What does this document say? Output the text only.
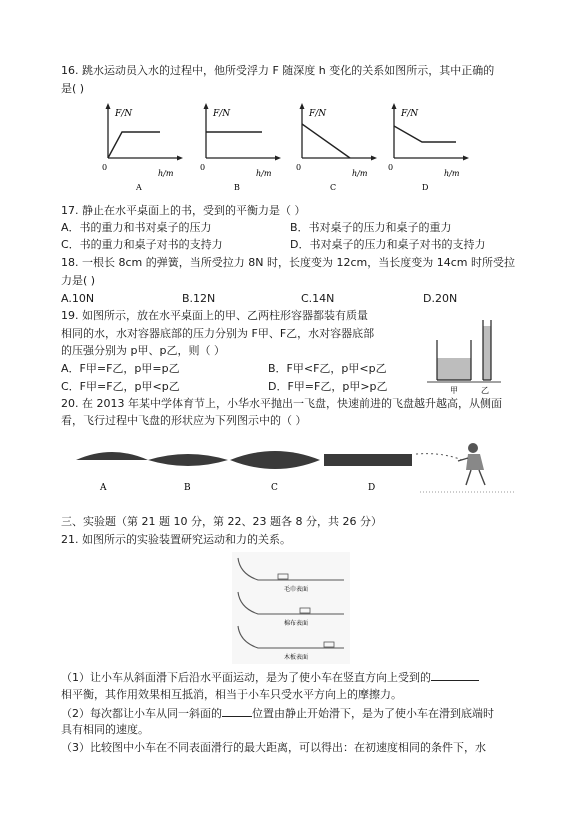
16. 跳水运动员入水的过程中，他所受浮力 F 随深度 h 变化的关系如图所示，其中正确的
是( )
F/N
0
h/m
A
F/N
0
h/m
B
F/N
0
h/m
C
F/N
0
h/m
D
17. 静止在水平桌面上的书，受到的平衡力是（ ）
A．书的重力和书对桌子的压力	B．书对桌子的压力和桌子的重力
C．书的重力和桌子对书的支持力	D．书对桌子的压力和桌子对书的支持力
18. 一根长 8cm 的弹簧，当所受拉力 8N 时，长度变为 12cm，当长度变为 14cm 时所受拉
力是( )
A.10N	B.12N	C.14N	D.20N
19. 如图所示，放在水平桌面上的甲、乙两柱形容器都装有质量
相同的水，水对容器底部的压力分别为 F甲、F乙，水对容器底部
的压强分别为 p甲、p乙，则（ ）
A．F甲=F乙，p甲=p乙	B．F甲<F乙，p甲<p乙
C．F甲=F乙，p甲<p乙	D．F甲=F乙，p甲>p乙	甲	乙
20. 在 2013 年某中学体育节上，小华水平抛出一飞盘，快速前进的飞盘越升越高，从侧面
看，飞行过程中飞盘的形状应为下列图示中的（ ）
A	B	C	D
三、实验题（第 21 题 10 分，第 22、23 题各 8 分，共 26 分）
21. 如图所示的实验装置研究运动和力的关系。
毛巾表面
棉布表面
木板表面
（1）让小车从斜面滑下后沿水平面运动，是为了使小车在竖直方向上受到的
相平衡，其作用效果相互抵消，相当于小车只受水平方向上的摩擦力。
（2）每次都让小车从同一斜面的	位置由静止开始滑下，是为了使小车在滑到底端时
具有相同的速度。
（3）比较图中小车在不同表面滑行的最大距离，可以得出：在初速度相同的条件下，水
